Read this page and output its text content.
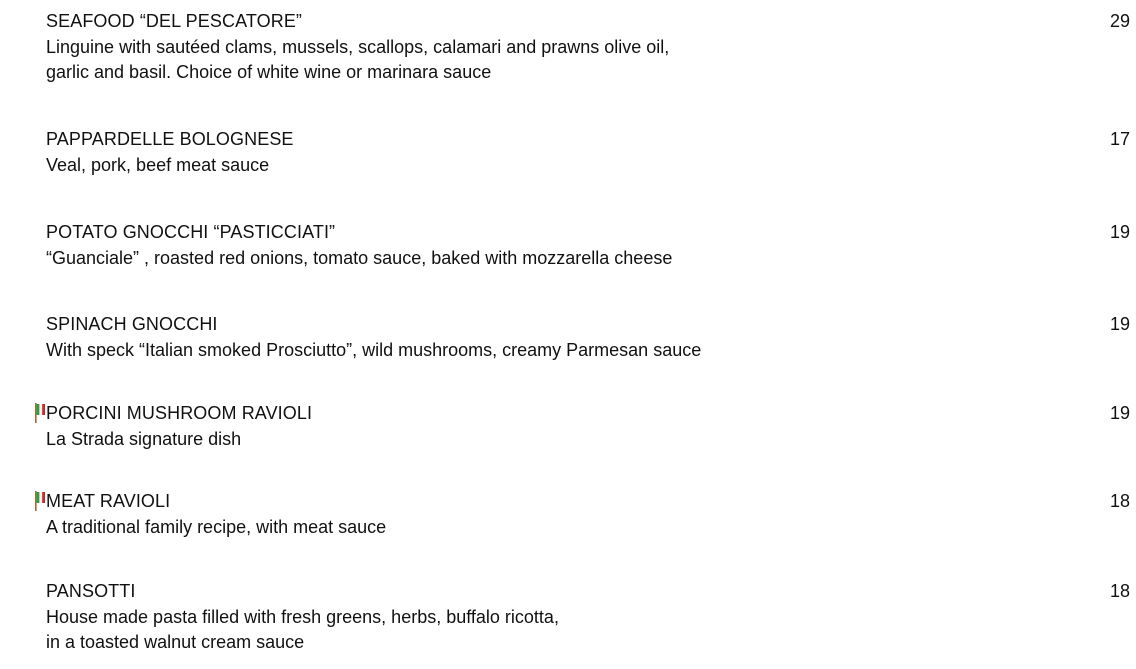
SEAFOOD “DEL PESCATORE”	29
Linguine with sautéed clams, mussels, scallops, calamari and prawns olive oil,
garlic and basil. Choice of white wine or marinara sauce
PAPPARDELLE BOLOGNESE	17
Veal, pork, beef meat sauce
POTATO GNOCCHI “PASTICCIATI”	19
“Guanciale” , roasted red onions, tomato sauce, baked with mozzarella cheese
SPINACH GNOCCHI	19
With speck “Italian smoked Prosciutto”, wild mushrooms, creamy Parmesan sauce
PORCINI MUSHROOM RAVIOLI	19
La Strada signature dish
MEAT RAVIOLI	18
A traditional family recipe, with meat sauce
PANSOTTI	18
House made pasta filled with fresh greens, herbs, buffalo ricotta,
in a toasted walnut cream sauce
